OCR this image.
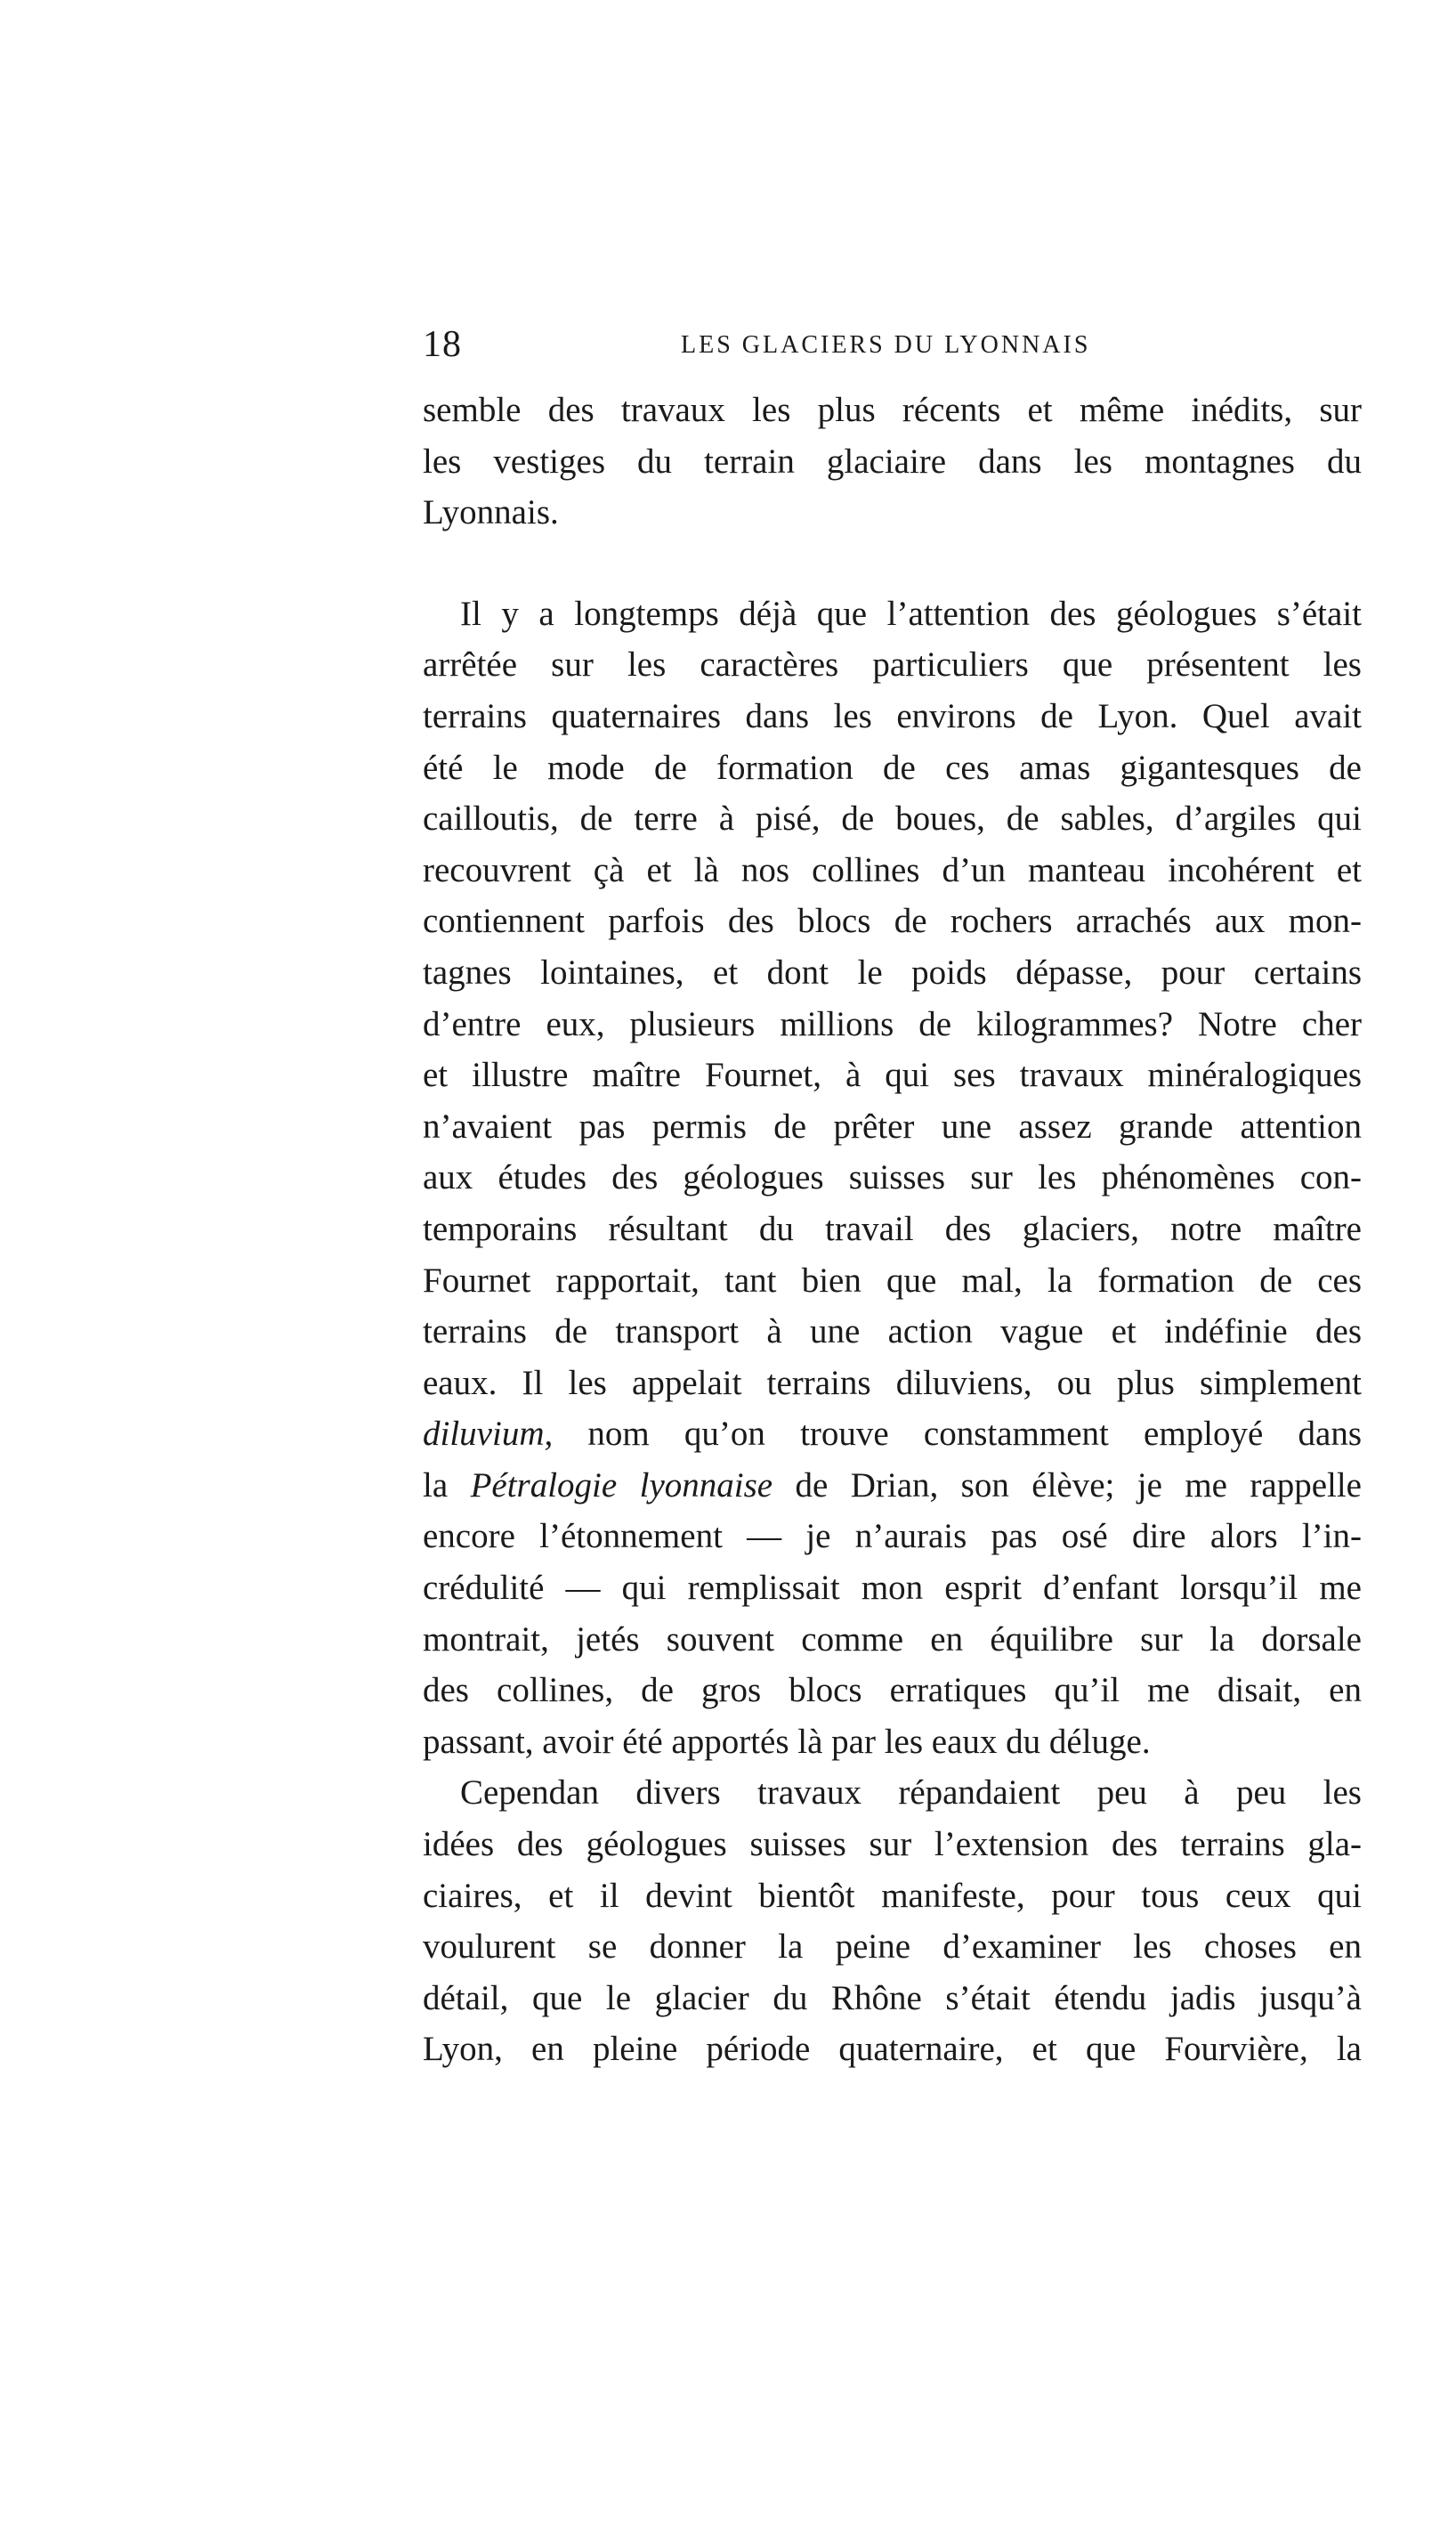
18	LES GLACIERS DU LYONNAIS
semble des travaux les plus récents et même inédits, sur
les vestiges du terrain glaciaire dans les montagnes du
Lyonnais.
Il y a longtemps déjà que l’attention des géologues s’était
arrêtée sur les caractères particuliers que présentent les
terrains quaternaires dans les environs de Lyon. Quel avait
été le mode de formation de ces amas gigantesques de
cailloutis, de terre à pisé, de boues, de sables, d’argiles qui
recouvrent çà et là nos collines d’un manteau incohérent et
contiennent parfois des blocs de rochers arrachés aux mon-
tagnes lointaines, et dont le poids dépasse, pour certains
d’entre eux, plusieurs millions de kilogrammes? Notre cher
et illustre maître Fournet, à qui ses travaux minéralogiques
n’avaient pas permis de prêter une assez grande attention
aux études des géologues suisses sur les phénomènes con-
temporains résultant du travail des glaciers, notre maître
Fournet rapportait, tant bien que mal, la formation de ces
terrains de transport à une action vague et indéfinie des
eaux. Il les appelait terrains diluviens, ou plus simplement
diluvium, nom qu’on trouve constamment employé dans
la Pétralogie lyonnaise de Drian, son élève; je me rappelle
encore l’étonnement — je n’aurais pas osé dire alors l’in-
crédulité — qui remplissait mon esprit d’enfant lorsqu’il me
montrait, jetés souvent comme en équilibre sur la dorsale
des collines, de gros blocs erratiques qu’il me disait, en
passant, avoir été apportés là par les eaux du déluge.
Cependan divers travaux répandaient peu à peu les
idées des géologues suisses sur l’extension des terrains gla-
ciaires, et il devint bientôt manifeste, pour tous ceux qui
voulurent se donner la peine d’examiner les choses en
détail, que le glacier du Rhône s’était étendu jadis jusqu’à
Lyon, en pleine période quaternaire, et que Fourvière, la
